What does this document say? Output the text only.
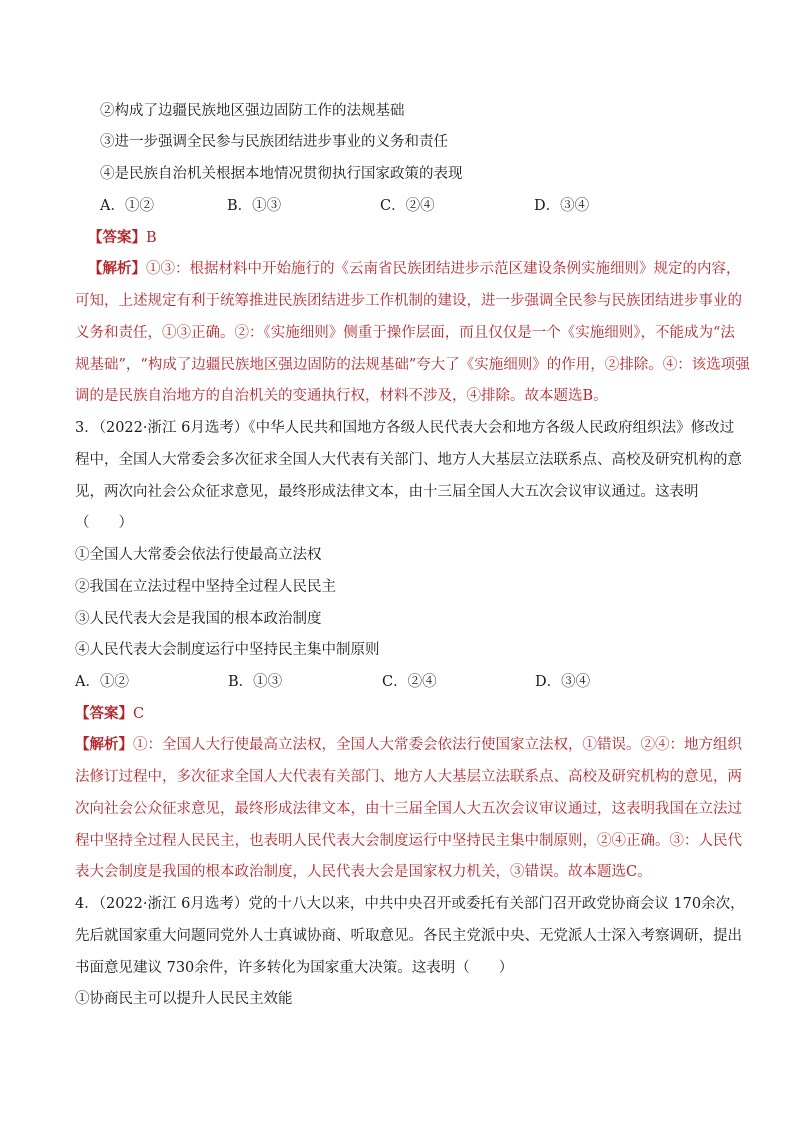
②构成了边疆民族地区强边固防工作的法规基础
③进一步强调全民参与民族团结进步事业的义务和责任
④是民族自治机关根据本地情况贯彻执行国家政策的表现
A．①②	B．①③	C．②④	D．③④
【答案】B
【解析】①③：根据材料中开始施行的《云南省民族团结进步示范区建设条例实施细则》规定的内容，
可知，上述规定有利于统筹推进民族团结进步工作机制的建设，进一步强调全民参与民族团结进步事业的
义务和责任，①③正确。②：《实施细则》侧重于操作层面，而且仅仅是一个《实施细则》，不能成为“法
规基础”，“构成了边疆民族地区强边固防的法规基础”夸大了《实施细则》的作用，②排除。④：该选项强
调的是民族自治地方的自治机关的变通执行权，材料不涉及，④排除。故本题选B。
3．（2022·浙江 6月选考）《中华人民共和国地方各级人民代表大会和地方各级人民政府组织法》修改过
程中，全国人大常委会多次征求全国人大代表有关部门、地方人大基层立法联系点、高校及研究机构的意
见，两次向社会公众征求意见，最终形成法律文本，由十三届全国人大五次会议审议通过。这表明
（　　）
①全国人大常委会依法行使最高立法权
②我国在立法过程中坚持全过程人民民主
③人民代表大会是我国的根本政治制度
④人民代表大会制度运行中坚持民主集中制原则
A．①②	B．①③	C．②④	D．③④
【答案】C
【解析】①：全国人大行使最高立法权，全国人大常委会依法行使国家立法权，①错误。②④：地方组织
法修订过程中，多次征求全国人大代表有关部门、地方人大基层立法联系点、高校及研究机构的意见，两
次向社会公众征求意见，最终形成法律文本，由十三届全国人大五次会议审议通过，这表明我国在立法过
程中坚持全过程人民民主，也表明人民代表大会制度运行中坚持民主集中制原则，②④正确。③：人民代
表大会制度是我国的根本政治制度，人民代表大会是国家权力机关，③错误。故本题选C。
4．（2022·浙江 6月选考）党的十八大以来，中共中央召开或委托有关部门召开政党协商会议 170余次，
先后就国家重大问题同党外人士真诚协商、听取意见。各民主党派中央、无党派人士深入考察调研，提出
书面意见建议 730余件，许多转化为国家重大决策。这表明（　　）
①协商民主可以提升人民民主效能
